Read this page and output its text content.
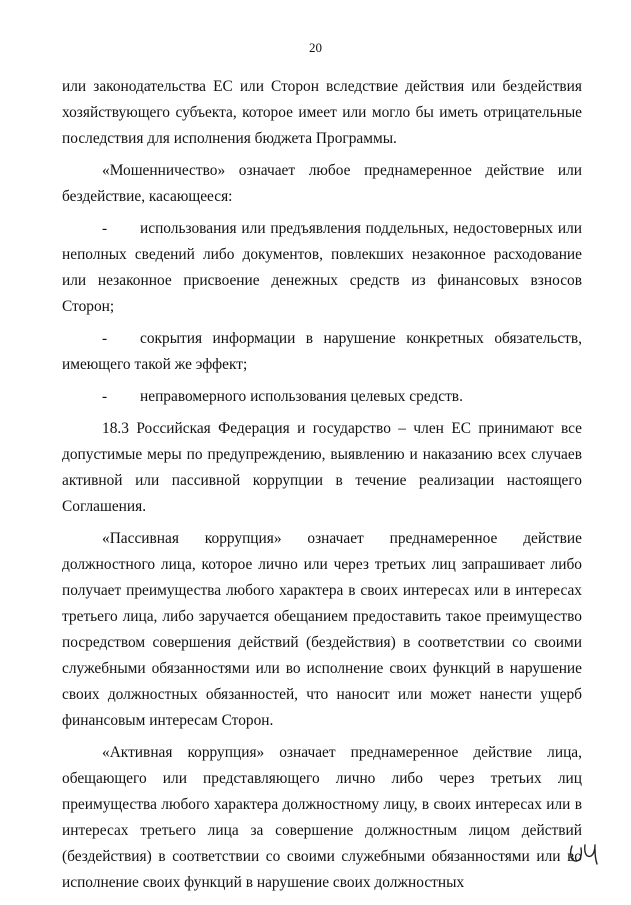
20

или законодательства ЕС или Сторон вследствие действия или бездействия хозяйствующего субъекта, которое имеет или могло бы иметь отрицательные последствия для исполнения бюджета Программы.

«Мошенничество» означает любое преднамеренное действие или бездействие, касающееся:

- использования или предъявления поддельных, недостоверных или неполных сведений либо документов, повлекших незаконное расходование или незаконное присвоение денежных средств из финансовых взносов Сторон;

- сокрытия информации в нарушение конкретных обязательств, имеющего такой же эффект;

- неправомерного использования целевых средств.

18.3 Российская Федерация и государство – член ЕС принимают все допустимые меры по предупреждению, выявлению и наказанию всех случаев активной или пассивной коррупции в течение реализации настоящего Соглашения.

«Пассивная коррупция» означает преднамеренное действие должностного лица, которое лично или через третьих лиц запрашивает либо получает преимущества любого характера в своих интересах или в интересах третьего лица, либо заручается обещанием предоставить такое преимущество посредством совершения действий (бездействия) в соответствии со своими служебными обязанностями или во исполнение своих функций в нарушение своих должностных обязанностей, что наносит или может нанести ущерб финансовым интересам Сторон.

«Активная коррупция» означает преднамеренное действие лица, обещающего или представляющего лично либо через третьих лиц преимущества любого характера должностному лицу, в своих интересах или в интересах третьего лица за совершение должностным лицом действий (бездействия) в соответствии со своими служебными обязанностями или во исполнение своих функций в нарушение своих должностных
